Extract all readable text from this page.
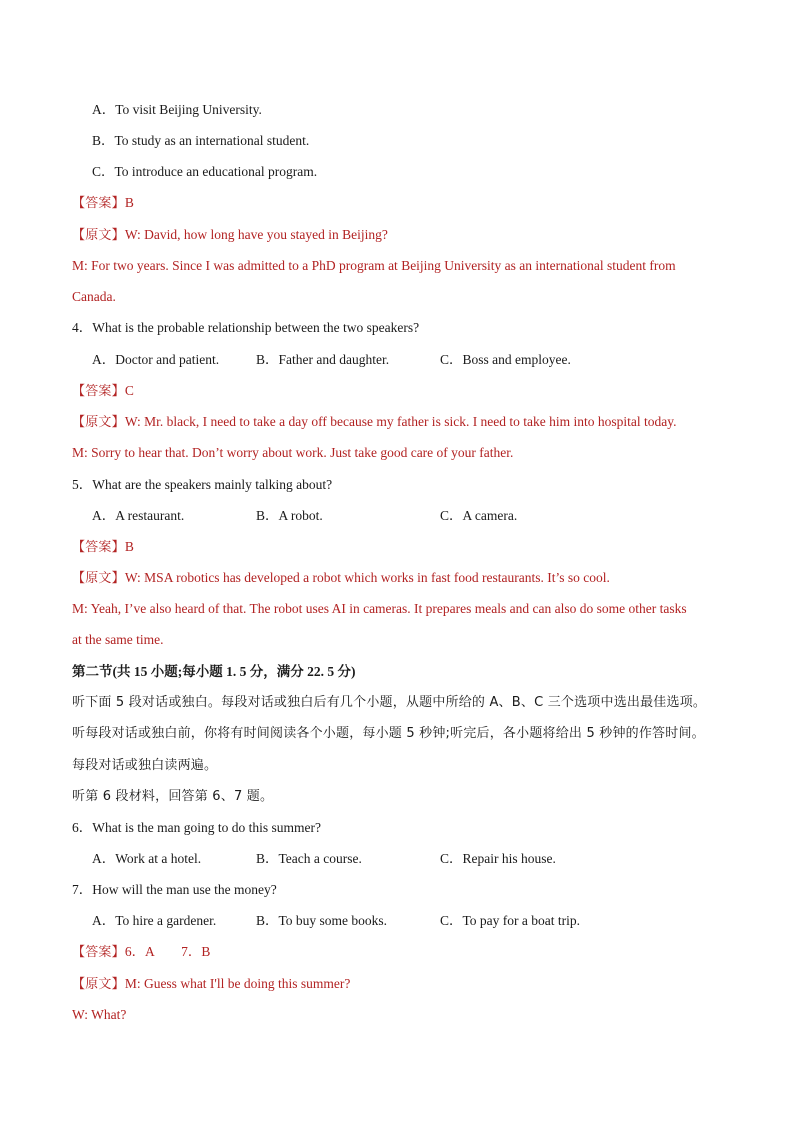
A．To visit Beijing University.
B．To study as an international student.
C．To introduce an educational program.
【答案】B
【原文】W: David, how long have you stayed in Beijing?
M: For two years. Since I was admitted to a PhD program at Beijing University as an international student from
Canada.
4．What is the probable relationship between the two speakers?
A．Doctor and patient.	B．Father and daughter.	C．Boss and employee.
【答案】C
【原文】W: Mr. black, I need to take a day off because my father is sick. I need to take him into hospital today.
M: Sorry to hear that. Don’t worry about work. Just take good care of your father.
5．What are the speakers mainly talking about?
A．A restaurant.	B．A robot.	C．A camera.
【答案】B
【原文】W: MSA robotics has developed a robot which works in fast food restaurants. It’s so cool.
M: Yeah, I’ve also heard of that. The robot uses AI in cameras. It prepares meals and can also do some other tasks
at the same time.
第二节(共 15 小题;每小题 1. 5 分，满分 22. 5 分)
听下面 5 段对话或独白。每段对话或独白后有几个小题，从题中所给的 A、B、C 三个选项中选出最佳选项。
听每段对话或独白前，你将有时间阅读各个小题，每小题 5 秒钟;听完后，各小题将给出 5 秒钟的作答时间。
每段对话或独白读两遍。
听第 6 段材料，回答第 6、7 题。
6．What is the man going to do this summer?
A．Work at a hotel.	B．Teach a course.	C．Repair his house.
7．How will the man use the money?
A．To hire a gardener.	B．To buy some books.	C．To pay for a boat trip.
【答案】6．A　　7．B
【原文】M: Guess what I'll be doing this summer?
W: What?
